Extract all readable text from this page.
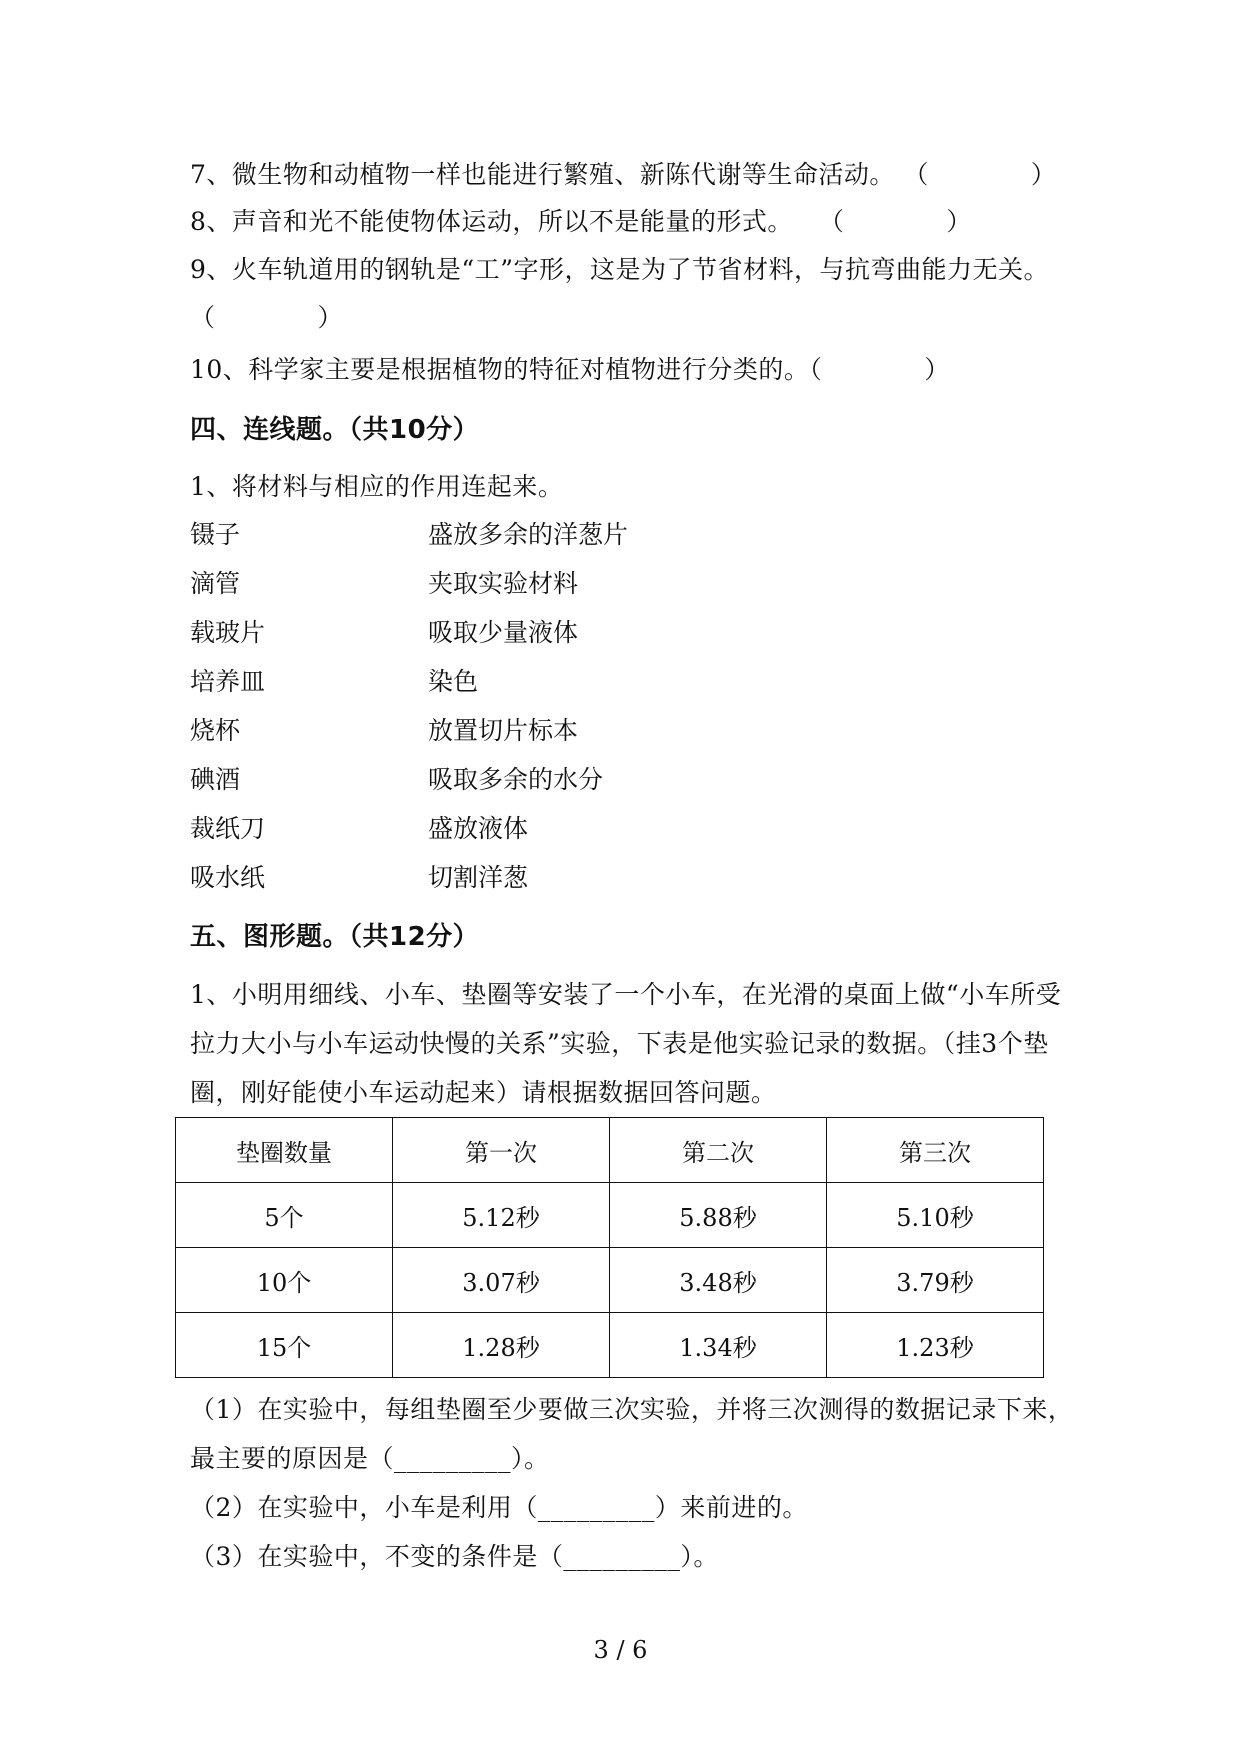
7、微生物和动植物一样也能进行繁殖、新陈代谢等生命活动。 （　　　　）
8、声音和光不能使物体运动，所以不是能量的形式。　　（　　　　）
9、火车轨道用的钢轨是“工”字形，这是为了节省材料，与抗弯曲能力无关。
（　　　　）
10、科学家主要是根据植物的特征对植物进行分类的。（　　　　）
四、连线题。（共10分）
1、将材料与相应的作用连起来。
镊子	盛放多余的洋葱片
滴管	夹取实验材料
载玻片	吸取少量液体
培养皿	染色
烧杯	放置切片标本
碘酒	吸取多余的水分
裁纸刀	盛放液体
吸水纸	切割洋葱
五、图形题。（共12分）
1、小明用细线、小车、垫圈等安装了一个小车，在光滑的桌面上做“小车所受
拉力大小与小车运动快慢的关系”实验，下表是他实验记录的数据。（挂3个垫
圈，刚好能使小车运动起来）请根据数据回答问题。
垫圈数量	第一次	第二次	第三次
5个	5.12秒	5.88秒	5.10秒
10个	3.07秒	3.48秒	3.79秒
15个	1.28秒	1.34秒	1.23秒
（1）在实验中，每组垫圈至少要做三次实验，并将三次测得的数据记录下来，
最主要的原因是（_________）。
（2）在实验中，小车是利用（_________）来前进的。
（3）在实验中，不变的条件是（_________）。
3 / 6
